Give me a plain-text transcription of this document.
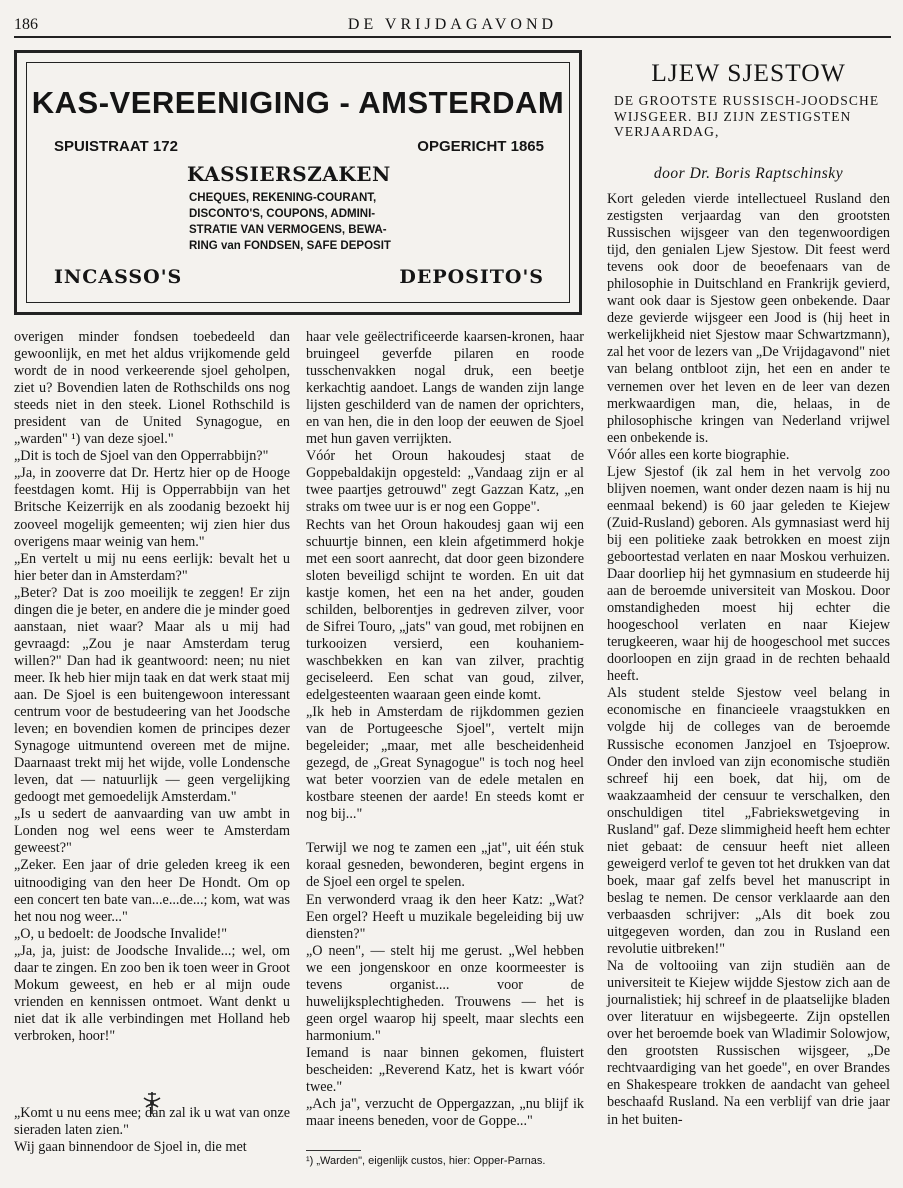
186	DE VRIJDAGAVOND
KAS-VEREENIGING - AMSTERDAM
SPUISTRAAT 172	OPGERICHT 1865
KASSIERSZAKEN
CHEQUES, REKENING-COURANT,
DISCONTO'S, COUPONS, ADMINI-
STRATIE VAN VERMOGENS, BEWA-
RING van FONDSEN, SAFE DEPOSIT
INCASSO'S	DEPOSITO'S

overigen minder fondsen toebedeeld dan gewoonlijk, en met het aldus vrijkomende geld wordt de in nood verkeerende sjoel geholpen, ziet u? Bovendien laten de Rothschilds ons nog steeds niet in den steek. Lionel Rothschild is president van de United Synagogue, en „warden" ¹) van deze sjoel."

„Dit is toch de Sjoel van den Opperrabbijn?"

„Ja, in zooverre dat Dr. Hertz hier op de Hooge feestdagen komt. Hij is Opperrabbijn van het Britsche Keizerrijk en als zoodanig bezoekt hij zooveel mogelijk gemeenten; wij zien hier dus overigens maar weinig van hem."

„En vertelt u mij nu eens eerlijk: bevalt het u hier beter dan in Amsterdam?"

„Beter? Dat is zoo moeilijk te zeggen! Er zijn dingen die je beter, en andere die je minder goed aanstaan, niet waar? Maar als u mij had gevraagd: „Zou je naar Amsterdam terug willen?" Dan had ik geantwoord: neen; nu niet meer. Ik heb hier mijn taak en dat werk staat mij aan. De Sjoel is een buitengewoon interessant centrum voor de bestudeering van het Joodsche leven; en bovendien komen de principes dezer Synagoge uitmuntend overeen met de mijne. Daarnaast trekt mij het wijde, volle Londensche leven, dat — natuurlijk — geen vergelijking gedoogt met gemoedelijk Amsterdam."

„Is u sedert de aanvaarding van uw ambt in Londen nog wel eens weer te Amsterdam geweest?"

„Zeker. Een jaar of drie geleden kreeg ik een uitnoodiging van den heer De Hondt. Om op een concert ten bate van...e...de...; kom, wat was het nou nog weer..."

„O, u bedoelt: de Joodsche Invalide!"

„Ja, ja, juist: de Joodsche Invalide...; wel, om daar te zingen. En zoo ben ik toen weer in Groot Mokum geweest, en heb er al mijn oude vrienden en kennissen ontmoet. Want denkt u niet dat ik alle verbindingen met Holland heb verbroken, hoor!"

„Komt u nu eens mee; dan zal ik u wat van onze sieraden laten zien."

Wij gaan binnendoor de Sjoel in, die met

haar vele geëlectrificeerde kaarsen-kronen, haar bruingeel geverfde pilaren en roode tusschenvakken nogal druk, een beetje kerkachtig aandoet. Langs de wanden zijn lange lijsten geschilderd van de namen der oprichters, en van hen, die in den loop der eeuwen de Sjoel met hun gaven verrijkten.

Vóór het Oroun hakoudesj staat de Goppebaldakijn opgesteld: „Vandaag zijn er al twee paartjes getrouwd" zegt Gazzan Katz, „en straks om twee uur is er nog een Goppe".

Rechts van het Oroun hakoudesj gaan wij een schuurtje binnen, een klein afgetimmerd hokje met een soort aanrecht, dat door geen bizondere sloten beveiligd schijnt te worden. En uit dat kastje komen, het een na het ander, gouden schilden, belborentjes in gedreven zilver, voor de Sifrei Touro, „jats" van goud, met robijnen en turkooizen versierd, een kouhaniem-waschbekken en kan van zilver, prachtig geciseleerd. Een schat van goud, zilver, edelgesteenten waaraan geen einde komt.

„Ik heb in Amsterdam de rijkdommen gezien van de Portugeesche Sjoel", vertelt mijn begeleider; „maar, met alle bescheidenheid gezegd, de „Great Synagogue" is toch nog heel wat beter voorzien van de edele metalen en kostbare steenen der aarde! En steeds komt er nog bij..."

Terwijl we nog te zamen een „jat", uit één stuk koraal gesneden, bewonderen, begint ergens in de Sjoel een orgel te spelen.

En verwonderd vraag ik den heer Katz: „Wat? Een orgel? Heeft u muzikale begeleiding bij uw diensten?"

„O neen", — stelt hij me gerust. „Wel hebben we een jongenskoor en onze koormeester is tevens organist.... voor de huwelijksplechtigheden. Trouwens — het is geen orgel waarop hij speelt, maar slechts een harmonium."

Iemand is naar binnen gekomen, fluistert bescheiden: „Reverend Katz, het is kwart vóór twee."

„Ach ja", verzucht de Oppergazzan, „nu blijf ik maar ineens beneden, voor de Goppe..."

¹) „Warden", eigenlijk custos, hier: Opper-Parnas.
LJEW SJESTOW
DE GROOTSTE RUSSISCH-JOODSCHE WIJSGEER. BIJ ZIJN ZESTIGSTEN VERJAARDAG,
door Dr. Boris Raptschinsky

Kort geleden vierde intellectueel Rusland den zestigsten verjaardag van den grootsten Russischen wijsgeer van den tegenwoordigen tijd, den genialen Ljew Sjestow. Dit feest werd tevens ook door de beoefenaars van de philosophie in Duitschland en Frankrijk gevierd, want ook daar is Sjestow geen onbekende. Daar deze gevierde wijsgeer een Jood is (hij heet in werkelijkheid niet Sjestow maar Schwartzmann), zal het voor de lezers van „De Vrijdagavond" niet van belang ontbloot zijn, het een en ander te vernemen over het leven en de leer van dezen merkwaardigen man, die, helaas, in de philosophische kringen van Nederland vrijwel een onbekende is.

Vóór alles een korte biographie.

Ljew Sjestof (ik zal hem in het vervolg zoo blijven noemen, want onder dezen naam is hij nu eenmaal bekend) is 60 jaar geleden te Kiejew (Zuid-Rusland) geboren. Als gymnasiast werd hij bij een politieke zaak betrokken en moest zijn geboortestad verlaten en naar Moskou verhuizen. Daar doorliep hij het gymnasium en studeerde hij aan de beroemde universiteit van Moskou. Door omstandigheden moest hij echter die hoogeschool verlaten en naar Kiejew terugkeeren, waar hij de hoogeschool met succes doorloopen en zijn graad in de rechten behaald heeft.

Als student stelde Sjestow veel belang in economische en financieele vraagstukken en volgde hij de colleges van de beroemde Russische economen Janzjoel en Tsjoeprow. Onder den invloed van zijn economische studiën schreef hij een boek, dat hij, om de waakzaamheid der censuur te verschalken, den onschuldigen titel „Fabriekswetgeving in Rusland" gaf. Deze slimmigheid heeft hem echter niet gebaat: de censuur heeft niet alleen geweigerd verlof te geven tot het drukken van dat boek, maar gaf zelfs bevel het manuscript in beslag te nemen. De censor verklaarde aan den verbaasden schrijver: „Als dit boek zou uitgegeven worden, dan zou in Rusland een revolutie uitbreken!"

Na de voltooiing van zijn studiën aan de universiteit te Kiejew wijdde Sjestow zich aan de journalistiek; hij schreef in de plaatselijke bladen over literatuur en wijsbegeerte. Zijn opstellen over het beroemde boek van Wladimir Solowjow, den grootsten Russischen wijsgeer, „De rechtvaardiging van het goede", en over Brandes en Shakespeare trokken de aandacht van geheel beschaafd Rusland. Na een verblijf van drie jaar in het buiten-
